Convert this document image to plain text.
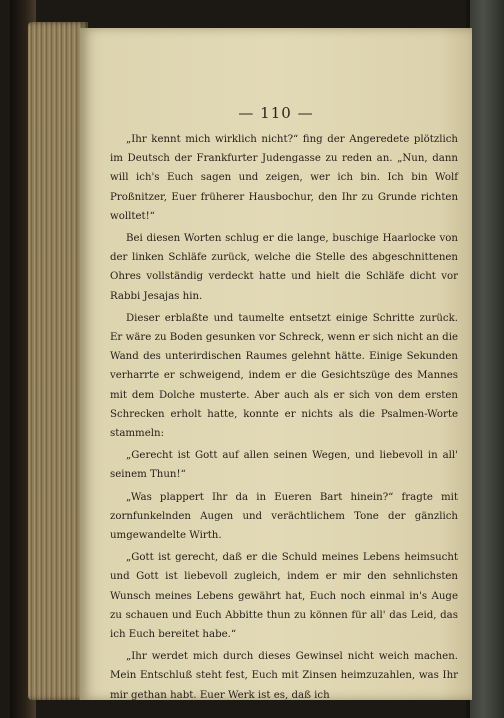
— 110 —

„Ihr kennt mich wirklich nicht?“ fing der Angeredete plötzlich im Deutsch der Frankfurter Judengasse zu reden an. „Nun, dann will ich's Euch sagen und zeigen, wer ich bin. Ich bin Wolf Proßnitzer, Euer früherer Hausbochur, den Ihr zu Grunde richten wolltet!“

Bei diesen Worten schlug er die lange, buschige Haarlocke von der linken Schläfe zurück, welche die Stelle des abgeschnittenen Ohres vollständig verdeckt hatte und hielt die Schläfe dicht vor Rabbi Jesajas hin.

Dieser erblaßte und taumelte entsetzt einige Schritte zurück. Er wäre zu Boden gesunken vor Schreck, wenn er sich nicht an die Wand des unterirdischen Raumes gelehnt hätte. Einige Sekunden verharrte er schweigend, indem er die Gesichtszüge des Mannes mit dem Dolche musterte. Aber auch als er sich von dem ersten Schrecken erholt hatte, konnte er nichts als die Psalmen-Worte stammeln:

„Gerecht ist Gott auf allen seinen Wegen, und liebevoll in all' seinem Thun!“

„Was plappert Ihr da in Eueren Bart hinein?“ fragte mit zornfunkelnden Augen und verächtlichem Tone der gänzlich umgewandelte Wirth.

„Gott ist gerecht, daß er die Schuld meines Lebens heimsucht und Gott ist liebevoll zugleich, indem er mir den sehnlichsten Wunsch meines Lebens gewährt hat, Euch noch einmal in's Auge zu schauen und Euch Abbitte thun zu können für all' das Leid, das ich Euch bereitet habe.“

„Ihr werdet mich durch dieses Gewinsel nicht weich machen. Mein Entschluß steht fest, Euch mit Zinsen heimzuzahlen, was Ihr mir gethan habt. Euer Werk ist es, daß ich
